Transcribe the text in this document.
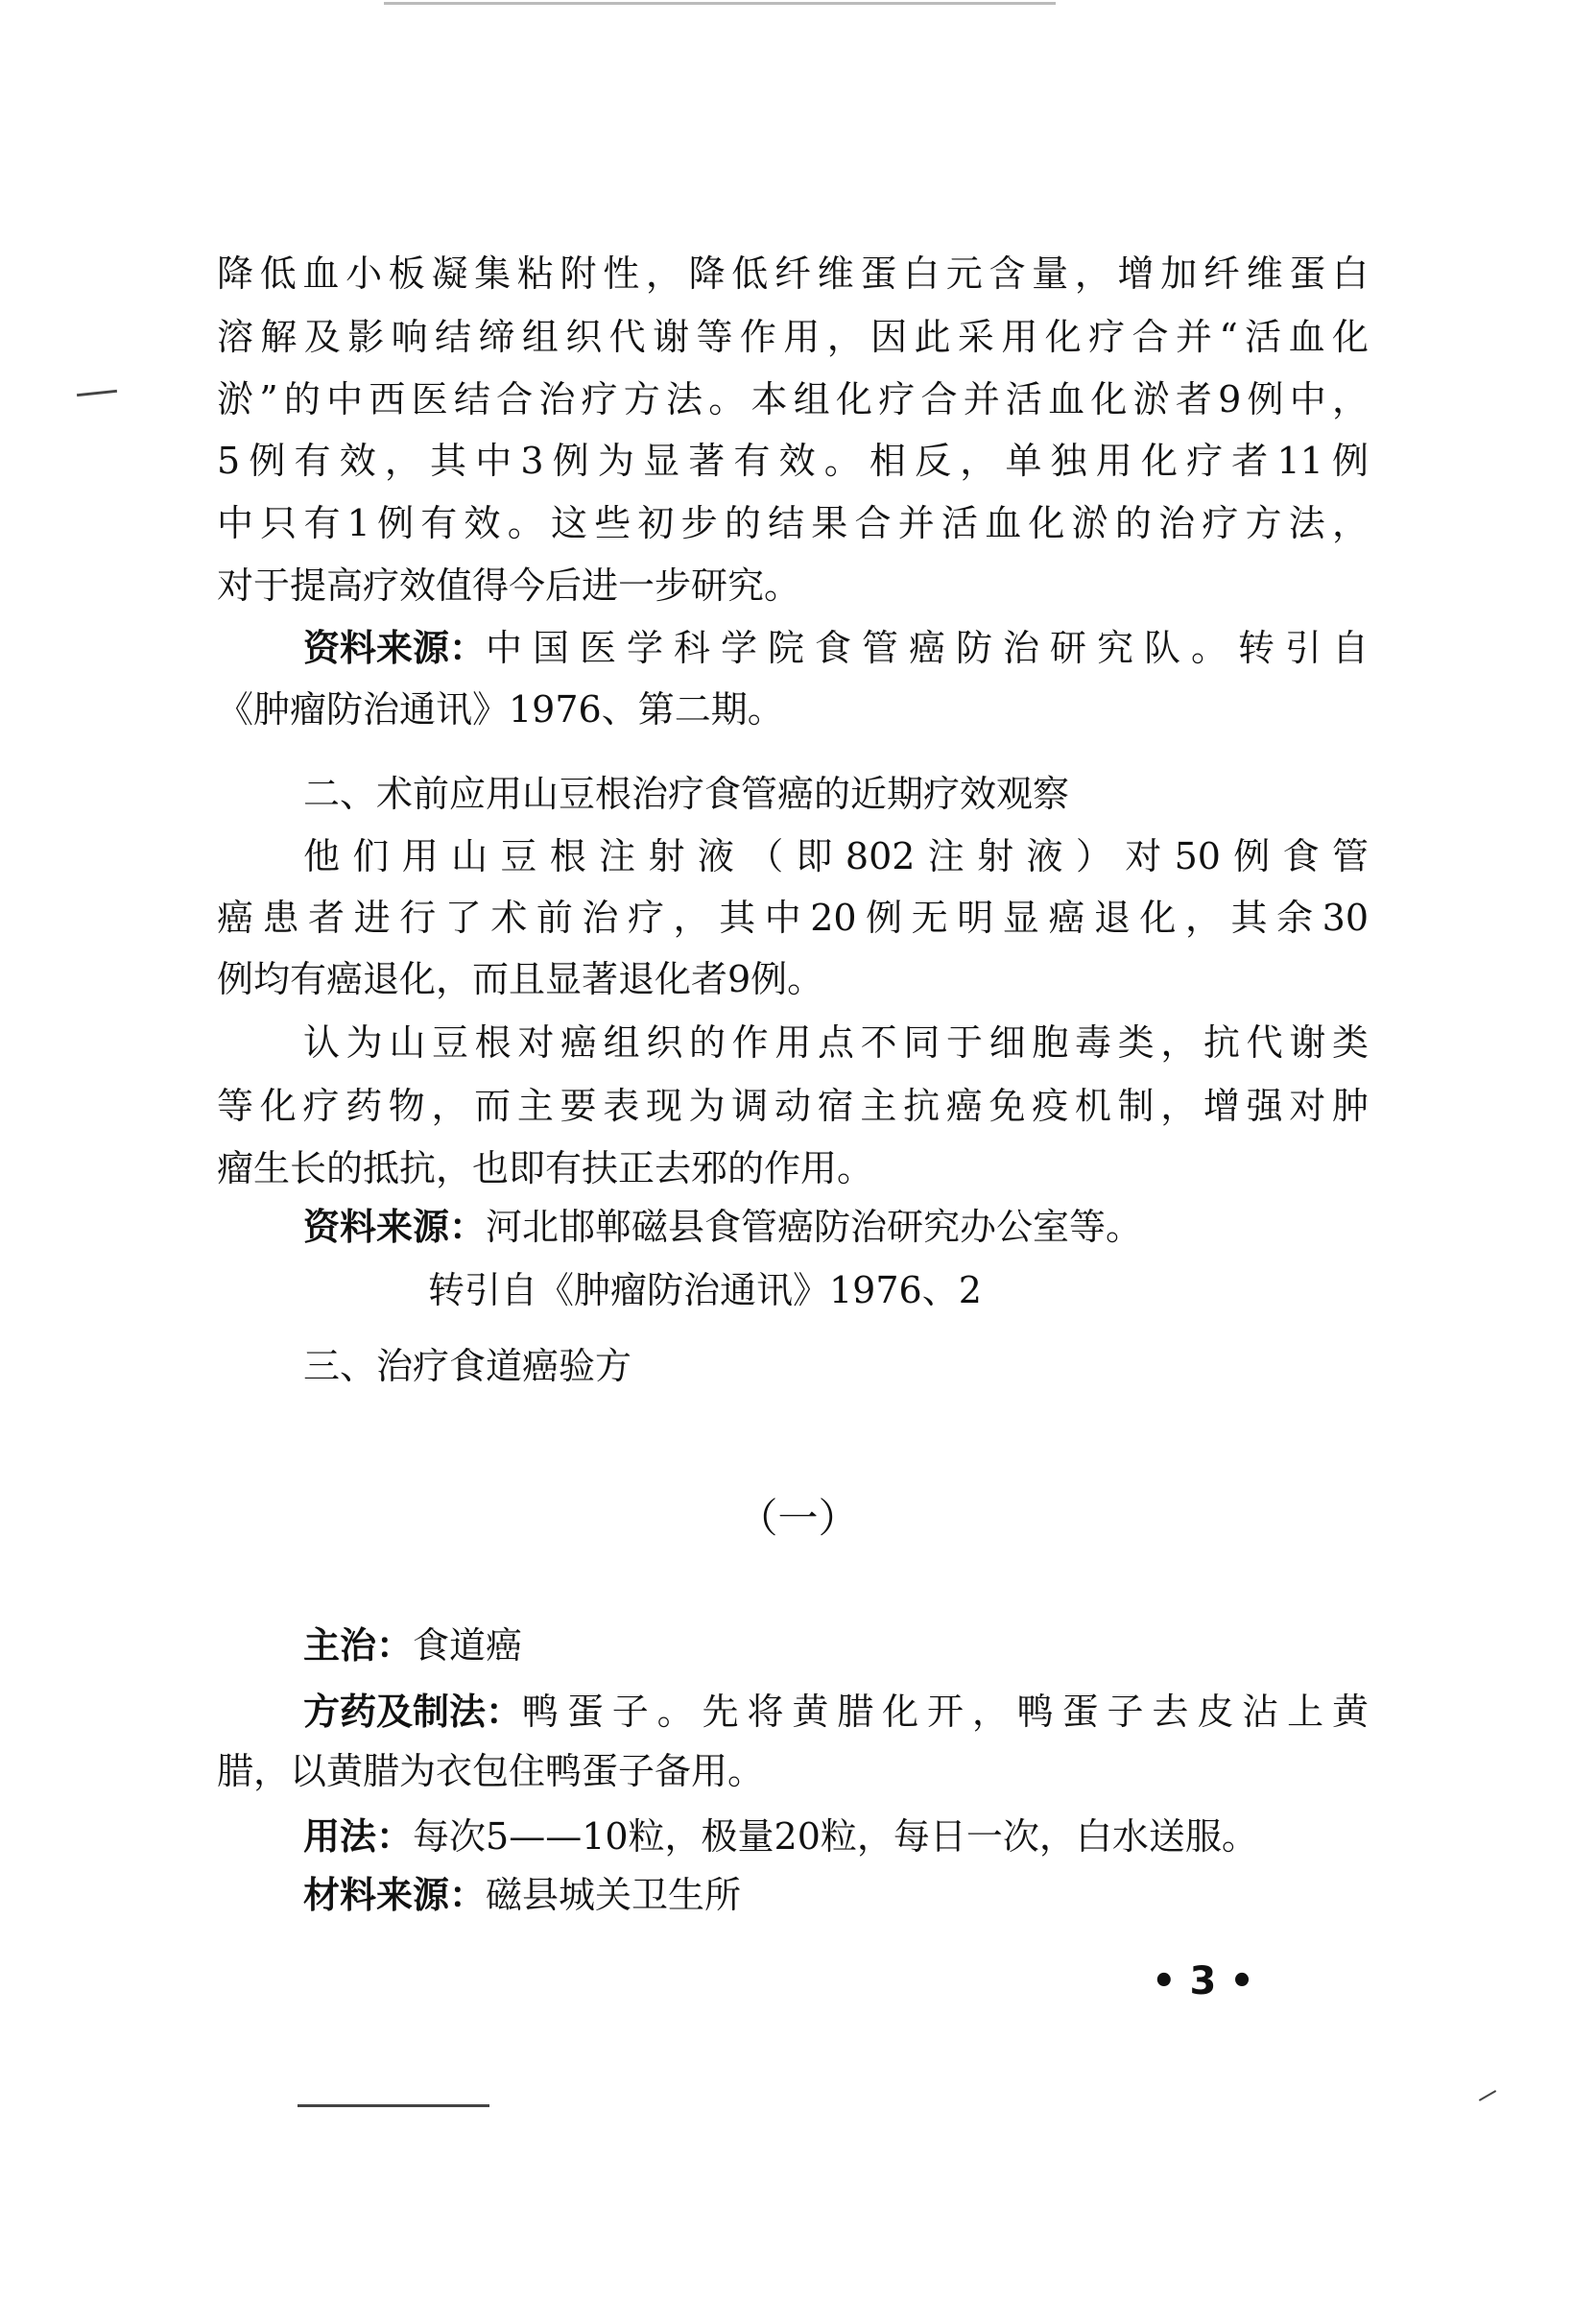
降低血小板凝集粘附性，降低纤维蛋白元含量，增加纤维蛋白
溶解及影响结缔组织代谢等作用，因此采用化疗合并“活血化
淤”的中西医结合治疗方法。本组化疗合并活血化淤者9例中，
5例有效，其中3例为显著有效。相反，单独用化疗者11例
中只有1例有效。这些初步的结果合并活血化淤的治疗方法，
对于提高疗效值得今后进一步研究。
资料来源： 中国医学科学院食管癌防治研究队。转引自
《肿瘤防治通讯》1976、第二期。
二、术前应用山豆根治疗食管癌的近期疗效观察
他们用山豆根注射液（即802注射液）对50例食管
癌患者进行了术前治疗，其中20例无明显癌退化，其余30
例均有癌退化，而且显著退化者9例。
认为山豆根对癌组织的作用点不同于细胞毒类，抗代谢类
等化疗药物，而主要表现为调动宿主抗癌免疫机制，增强对肿
瘤生长的抵抗，也即有扶正去邪的作用。
资料来源：河北邯郸磁县食管癌防治研究办公室等。
转引自《肿瘤防治通讯》1976、2
三、治疗食道癌验方
（一）
主治：食道癌
方药及制法： 鸭蛋子。先将黄腊化开，鸭蛋子去皮沾上黄
腊，以黄腊为衣包住鸭蛋子备用。
用法：每次5——10粒，极量20粒，每日一次，白水送服。
材料来源：磁县城关卫生所
• 3 •
